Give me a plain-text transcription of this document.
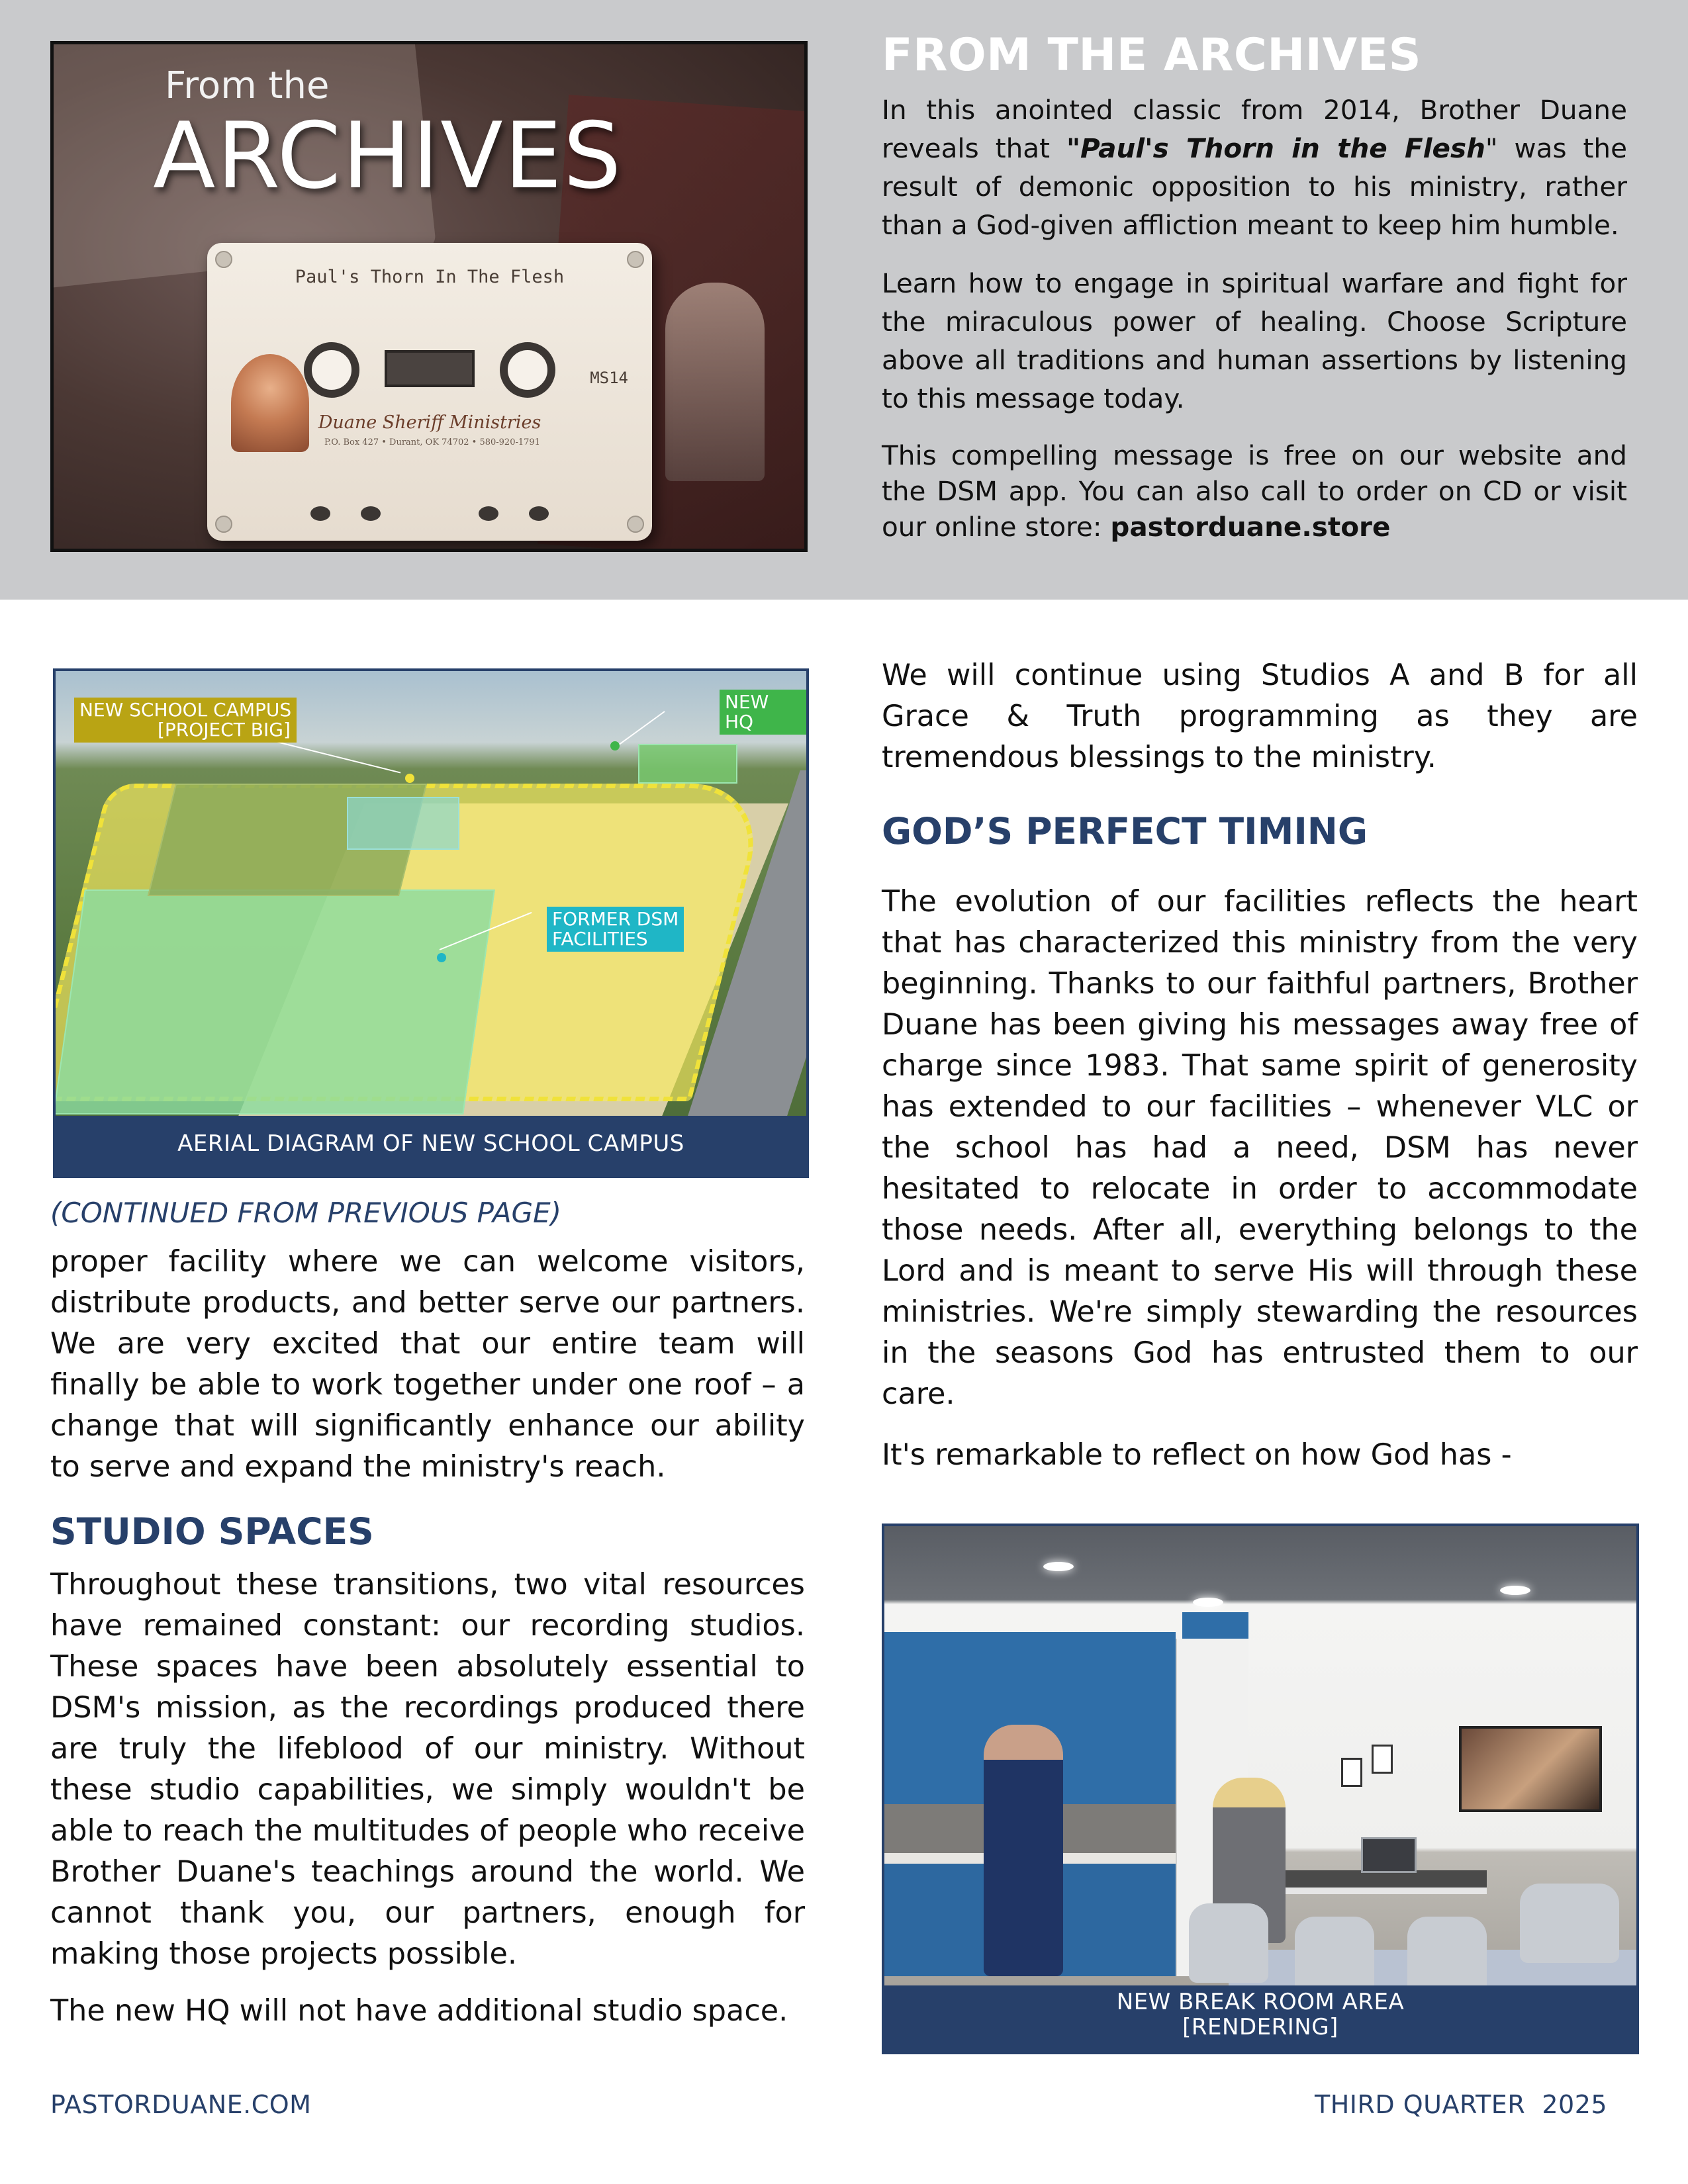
From the
ARCHIVES
Paul's Thorn In The Flesh
MS14
Duane Sheriff Ministries
P.O. Box 427 • Durant, OK 74702 • 580-920-1791
FROM THE ARCHIVES

In this anointed classic from 2014, Brother Duane reveals that "Paul's Thorn in the Flesh" was the result of demonic opposition to his ministry, rather than a God-given affliction meant to keep him humble.

Learn how to engage in spiritual warfare and fight for the miraculous power of healing. Choose Scripture above all traditions and human assertions by listening to this message today.

This compelling message is free on our website and the DSM app. You can also call to order on CD or visit our online store: pastorduane.store

NEW SCHOOL CAMPUS
[PROJECT BIG]
NEW HQ
FORMER DSM
FACILITIES
AERIAL DIAGRAM OF NEW SCHOOL CAMPUS
(CONTINUED FROM PREVIOUS PAGE)

proper facility where we can welcome visitors, distribute products, and better serve our partners. We are very excited that our entire team will finally be able to work together under one roof – a change that will significantly enhance our ability to serve and expand the ministry's reach.

STUDIO SPACES

Throughout these transitions, two vital resources have remained constant: our recording studios. These spaces have been absolutely essential to DSM's mission, as the recordings produced there are truly the lifeblood of our ministry. Without these studio capabilities, we simply wouldn't be able to reach the multitudes of people who receive Brother Duane's teachings around the world. We cannot thank you, our partners, enough for making those projects possible.

The new HQ will not have additional studio space.

We will continue using Studios A and B for all Grace & Truth programming as they are tremendous blessings to the ministry.

GOD’S PERFECT TIMING

The evolution of our facilities reflects the heart that has characterized this ministry from the very beginning. Thanks to our faithful partners, Brother Duane has been giving his messages away free of charge since 1983. That same spirit of generosity has extended to our facilities – whenever VLC or the school has had a need, DSM has never hesitated to relocate in order to accommodate those needs. After all, everything belongs to the Lord and is meant to serve His will through these ministries. We're simply stewarding the resources in the seasons God has entrusted them to our care.

It's remarkable to reflect on how God has -

NEW BREAK ROOM AREA
[RENDERING]
PASTORDUANE.COM	THIRD QUARTER  2025
